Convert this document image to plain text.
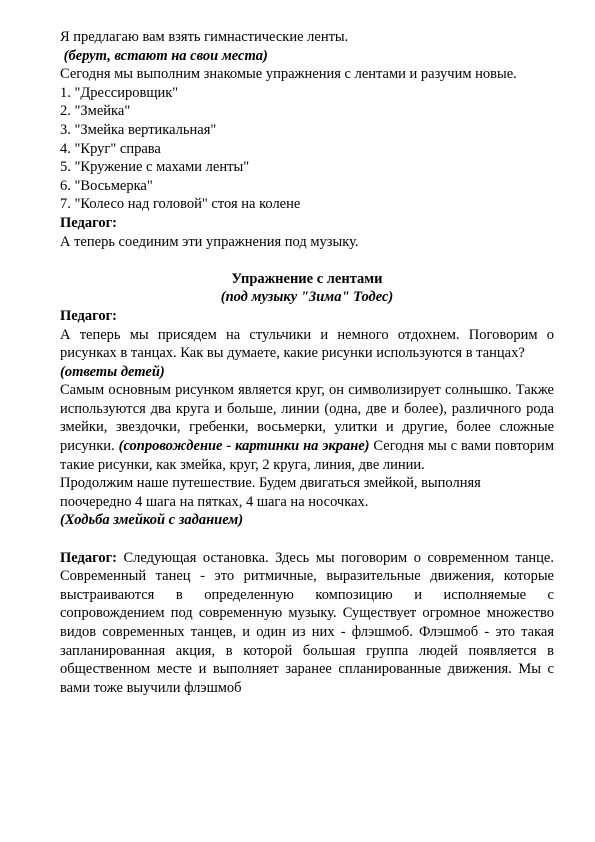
Я предлагаю вам взять гимнастические ленты.

(берут, встают на свои места)

Сегодня мы выполним знакомые упражнения с лентами и разучим новые.

1. "Дрессировщик"
2. "Змейка"
3. "Змейка вертикальная"
4. "Круг" справа
5. "Кружение с махами ленты"
6. "Восьмерка"
7. "Колесо над головой" стоя на колене

Педагог:

А теперь соединим эти упражнения под музыку.

Упражнение с лентами

(под музыку "Зима" Тодес)

Педагог:

А теперь мы присядем на стульчики и немного отдохнем. Поговорим о рисунках в танцах. Как вы думаете, какие рисунки используются в танцах?

(ответы детей)

Самым основным рисунком является круг, он символизирует солнышко. Также используются два круга и больше, линии (одна, две и более), различного рода змейки, звездочки, гребенки, восьмерки, улитки и другие, более сложные рисунки. (сопровождение - картинки на экране) Сегодня мы с вами повторим такие рисунки, как змейка, круг, 2 круга, линия, две линии.

Продолжим наше путешествие. Будем двигаться змейкой, выполняя поочередно 4 шага на пятках, 4 шага на носочках.

(Ходьба змейкой с заданием)

Педагог: Следующая остановка. Здесь мы поговорим о современном танце. Современный танец - это ритмичные, выразительные движения, которые выстраиваются в определенную композицию и исполняемые с сопровождением под современную музыку. Существует огромное множество видов современных танцев, и один из них - флэшмоб. Флэшмоб - это такая запланированная акция, в которой большая группа людей появляется в общественном месте и выполняет заранее спланированные движения. Мы с вами тоже выучили флэшмоб
